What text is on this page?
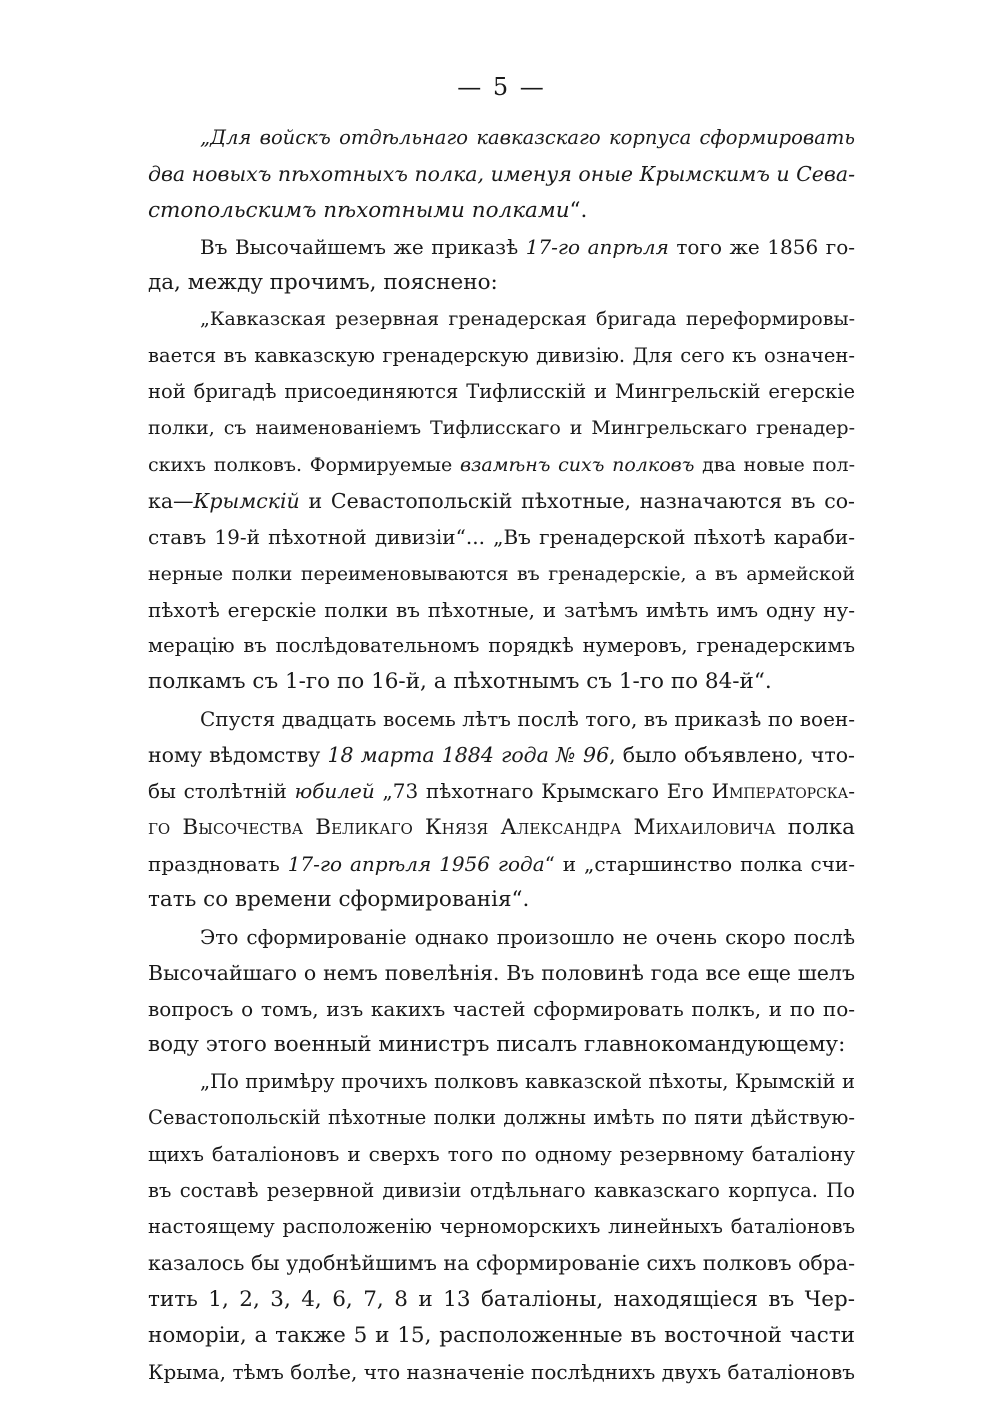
— 5 —
„Для войскъ отдѣльнаго кавказскаго корпуса сформировать
два новыхъ пѣхотныхъ полка, именуя оные Крымскимъ и Сева-
стопольскимъ пѣхотными полками“.
Въ Высочайшемъ же приказѣ 17-го апрѣля того же 1856 го-
да, между прочимъ, пояснено:
„Кавказская резервная гренадерская бригада переформировы-
вается въ кавказскую гренадерскую дивизію. Для сего къ означен-
ной бригадѣ присоединяются Тифлисскій и Мингрельскій егерскіе
полки, съ наименованіемъ Тифлисскаго и Мингрельскаго гренадер-
скихъ полковъ. Формируемые взамѣнъ сихъ полковъ два новые пол-
ка—Крымскій и Севастопольскій пѣхотные, назначаются въ со-
ставъ 19-й пѣхотной дивизіи“... „Въ гренадерской пѣхотѣ караби-
нерные полки переименовываются въ гренадерскіе, а въ армейской
пѣхотѣ егерскіе полки въ пѣхотные, и затѣмъ имѣть имъ одну ну-
мерацію въ послѣдовательномъ порядкѣ нумеровъ, гренадерскимъ
полкамъ съ 1-го по 16-й, а пѣхотнымъ съ 1-го по 84-й“.
Спустя двадцать восемь лѣтъ послѣ того, въ приказѣ по воен-
ному вѣдомству 18 марта 1884 года № 96, было объявлено, что-
бы столѣтній юбилей „73 пѣхотнаго Крымскаго Его Императорска-
го Высочества Великаго Князя Александра Михаиловича полка
праздновать 17-го апрѣля 1956 года“ и „старшинство полка счи-
тать со времени сформированія“.
Это сформированіе однако произошло не очень скоро послѣ
Высочайшаго о немъ повелѣнія. Въ половинѣ года все еще шелъ
вопросъ о томъ, изъ какихъ частей сформировать полкъ, и по по-
воду этого военный министръ писалъ главнокомандующему:
„По примѣру прочихъ полковъ кавказской пѣхоты, Крымскій и
Севастопольскій пѣхотные полки должны имѣть по пяти дѣйствую-
щихъ баталіоновъ и сверхъ того по одному резервному баталіону
въ составѣ резервной дивизіи отдѣльнаго кавказскаго корпуса. По
настоящему расположенію черноморскихъ линейныхъ баталіоновъ
казалось бы удобнѣйшимъ на сформированіе сихъ полковъ обра-
тить 1, 2, 3, 4, 6, 7, 8 и 13 баталіоны, находящіеся въ Чер-
номоріи, а также 5 и 15, расположенные въ восточной части
Крыма, тѣмъ болѣе, что назначеніе послѣднихъ двухъ баталіоновъ
